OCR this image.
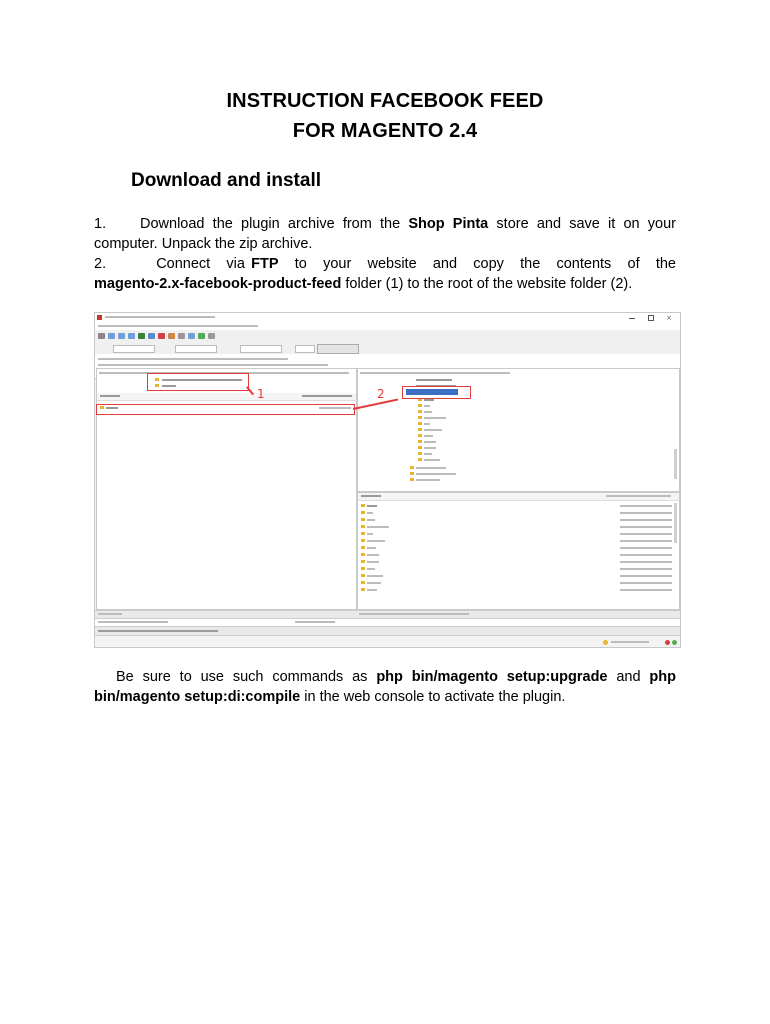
INSTRUCTION FACEBOOK FEED
FOR MAGENTO 2.4
Download and install
1. Download the plugin archive from the Shop Pinta store and save it on your
computer. Unpack the zip archive.
2.	Connect via FTP to your website and copy the contents of the
magento-2.x-facebook-product-feed folder (1) to the root of the website folder (2).
×
1	2
Be sure to use such commands as php bin/magento setup:upgrade and php
bin/magento setup:di:compile in the web console to activate the plugin.
